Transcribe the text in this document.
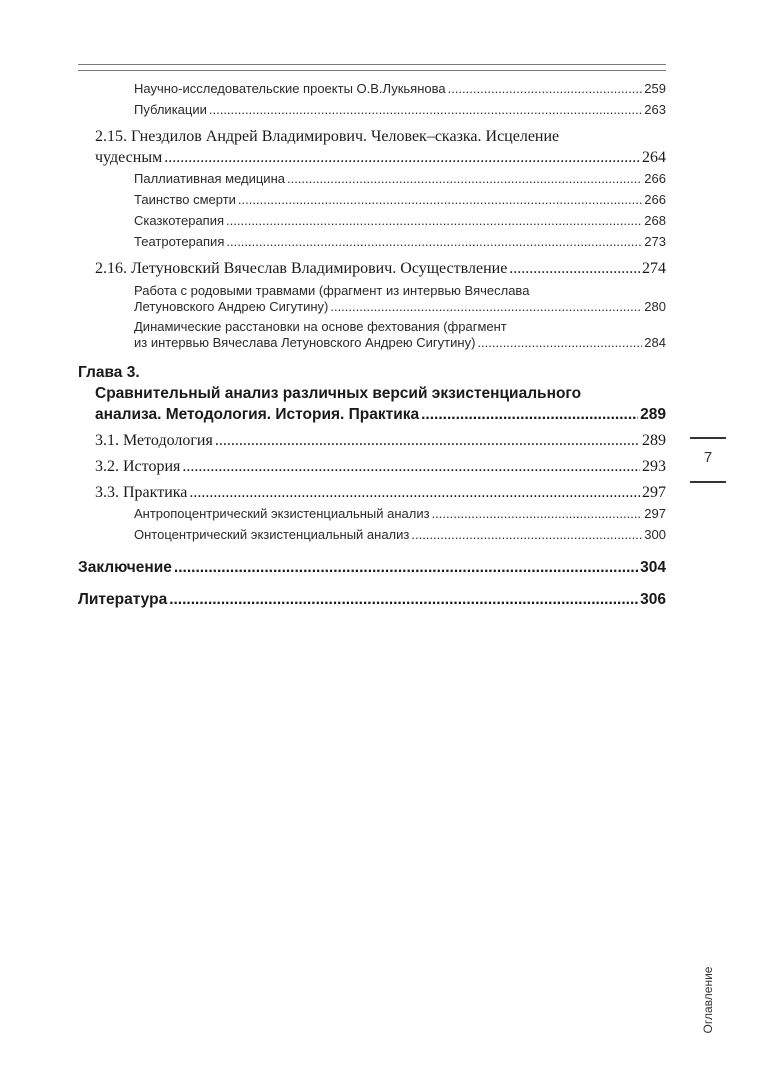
Научно-исследовательские проекты О.В.Лукьянова .....	259
Публикации .....	263
2.15. Гнездилов Андрей Владимирович. Человек–сказка. Исцеление
чудесным .....	264
Паллиативная медицина .....	266
Таинство смерти .....	266
Сказкотерапия .....	268
Театротерапия .....	273
2.16. Летуновский Вячеслав Владимирович. Осуществление .....	274
Работа с родовыми травмами (фрагмент из интервью Вячеслава
Летуновского Андрею Сигутину) .....	280
Динамические расстановки на основе фехтования (фрагмент
из интервью Вячеслава Летуновского Андрею Сигутину) .....	284
Глава 3.
Сравнительный анализ различных версий экзистенциального
анализа. Методология. История. Практика .....	289
3.1. Методология .....	289
3.2. История .....	293
3.3. Практика .....	297
Антропоцентрический экзистенциальный анализ .....	297
Онтоцентрический экзистенциальный анализ .....	300
Заключение .....	304
Литература .....	306
7
Оглавление
